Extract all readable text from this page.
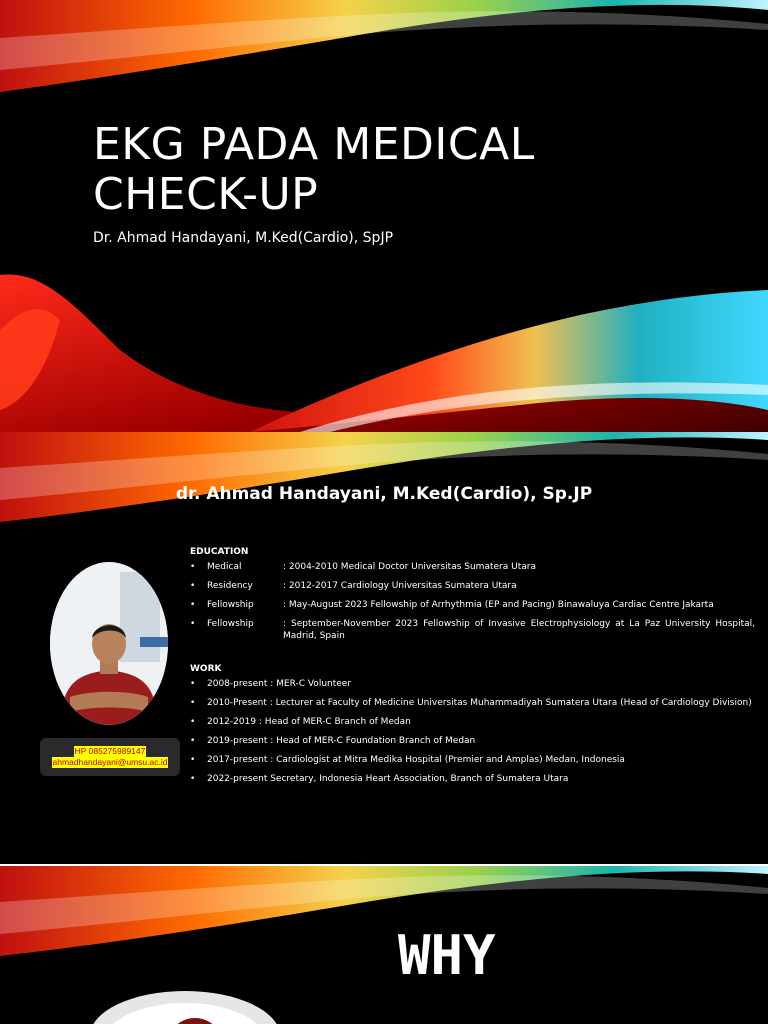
EKG PADA MEDICAL CHECK-UP

Dr. Ahmad Handayani, M.Ked(Cardio), SpJP

dr. Ahmad Handayani, M.Ked(Cardio), Sp.JP
HP 085275989147
ahmadhandayani@umsu.ac.id
EDUCATION
• Medical	: 2004-2010 Medical Doctor Universitas Sumatera Utara
• Residency	: 2012-2017 Cardiology Universitas Sumatera Utara
• Fellowship	: May-August 2023 Fellowship of Arrhythmia (EP and Pacing) Binawaluya Cardiac Centre Jakarta
• Fellowship	: September-November 2023 Fellowship of Invasive Electrophysiology at La Paz University Hospital, Madrid, Spain
WORK
• 2008-present : MER-C Volunteer
• 2010-Present : Lecturer at Faculty of Medicine Universitas Muhammadiyah Sumatera Utara (Head of Cardiology Division)
• 2012-2019 : Head of MER-C Branch of Medan
• 2019-present : Head of MER-C Foundation Branch of Medan
• 2017-present : Cardiologist at Mitra Medika Hospital (Premier and Amplas) Medan, Indonesia
• 2022-present Secretary, Indonesia Heart Association, Branch of Sumatera Utara
WHY
